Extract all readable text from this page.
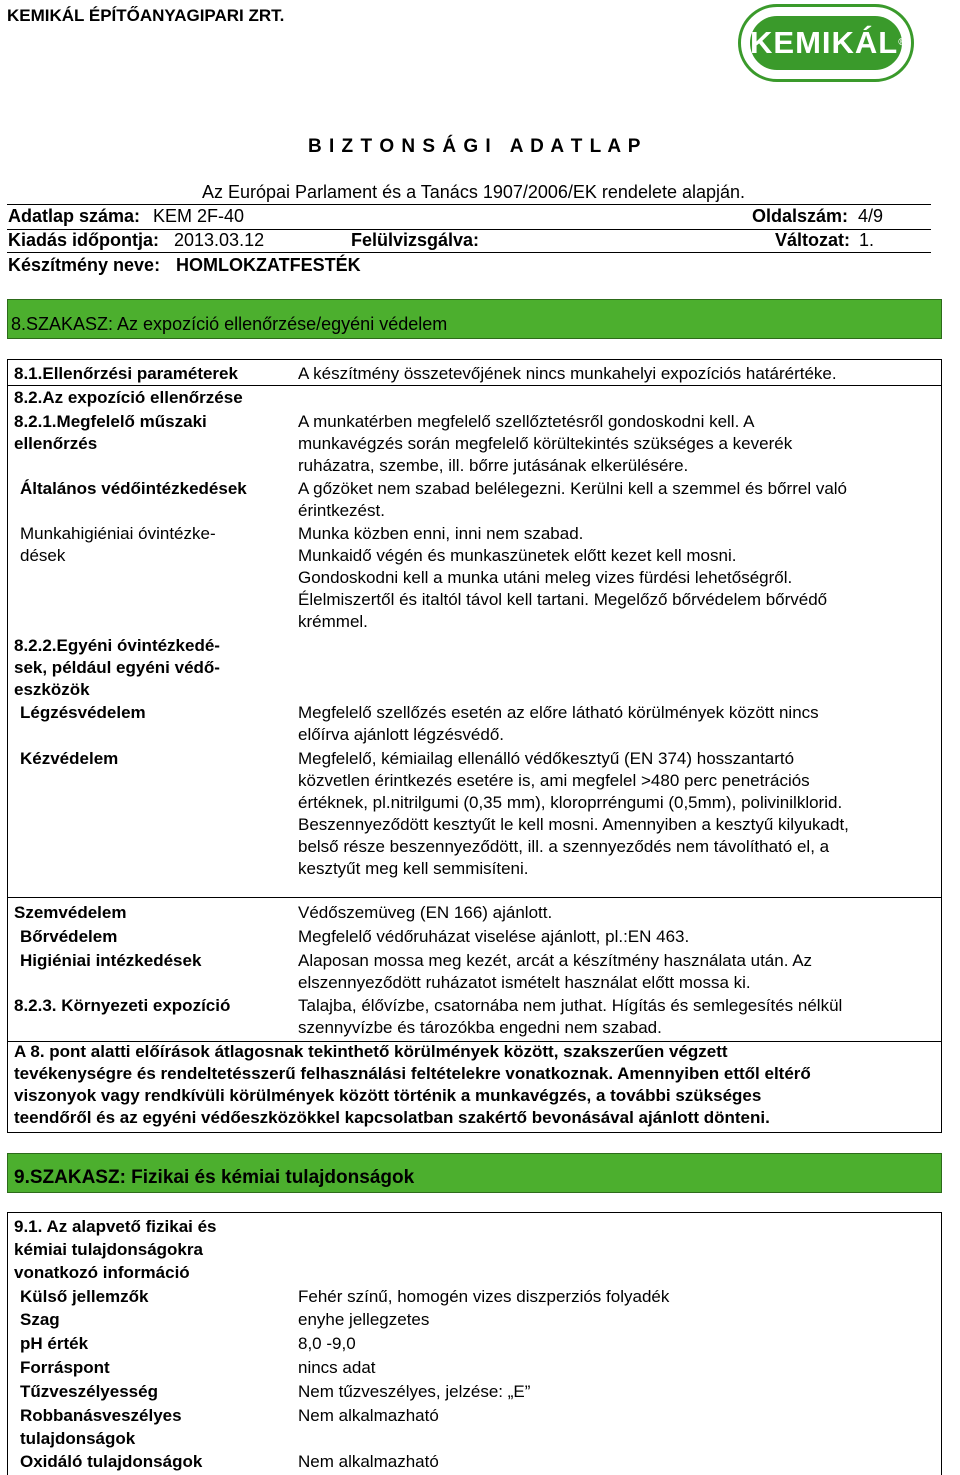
KEMIKÁL ÉPÍTŐANYAGIPARI ZRT.
KEMIKÁL®
B I Z T O N S Á G I   A D A T L A P
Az Európai Parlament és a Tanács 1907/2006/EK rendelete alapján.
Adatlap száma: KEM 2F-40	Oldalszám: 4/9
Kiadás időpontja: 2013.03.12	Felülvizsgálva:	Változat: 1.
Készítmény neve: HOMLOKZATFESTÉK
8.SZAKASZ: Az expozíció ellenőrzése/egyéni védelem
8.1.Ellenőrzési paraméterek	A készítmény összetevőjének nincs munkahelyi expozíciós határértéke.
8.2.Az expozíció ellenőrzése
8.2.1.Megfelelő műszaki
ellenőrzés
A munkatérben megfelelő szellőztetésről gondoskodni kell. A
munkavégzés során megfelelő körültekintés szükséges a keverék
ruházatra, szembe, ill. bőrre jutásának elkerülésére.
Általános védőintézkedések	A gőzöket nem szabad belélegezni. Kerülni kell a szemmel és bőrrel való
érintkezést.
Munkahigiéniai óvintézke-
dések
Munka közben enni, inni nem szabad.
Munkaidő végén és munkaszünetek előtt kezet kell mosni.
Gondoskodni kell a munka utáni meleg vizes fürdési lehetőségről.
Élelmiszertől és italtól távol kell tartani. Megelőző bőrvédelem bőrvédő
krémmel.
8.2.2.Egyéni óvintézkedé-
sek, például egyéni védő-
eszközök
Légzésvédelem	Megfelelő szellőzés esetén az előre látható körülmények között nincs
előírva ajánlott légzésvédő.
Kézvédelem	Megfelelő, kémiailag ellenálló védőkesztyű (EN 374) hosszantartó
közvetlen érintkezés esetére is, ami megfelel >480 perc penetrációs
értéknek, pl.nitrilgumi (0,35 mm), kloroprréngumi (0,5mm), polivinilklorid.
Beszennyeződött kesztyűt le kell mosni. Amennyiben a kesztyű kilyukadt,
belső része beszennyeződött, ill. a szennyeződés nem távolítható el, a
kesztyűt meg kell semmisíteni.
Szemvédelem	Védőszemüveg (EN 166) ajánlott.
Bőrvédelem	Megfelelő védőruházat viselése ajánlott, pl.:EN 463.
Higiéniai intézkedések	Alaposan mossa meg kezét, arcát a készítmény használata után. Az
elszennyeződött ruházatot ismételt használat előtt mossa ki.
8.2.3. Környezeti expozíció	Talajba, élővízbe, csatornába nem juthat. Hígítás és semlegesítés nélkül
szennyvízbe és tározókba engedni nem szabad.
A 8. pont alatti előírások átlagosnak tekinthető körülmények között, szakszerűen végzett
tevékenységre és rendeltetésszerű felhasználási feltételekre vonatkoznak. Amennyiben ettől eltérő
viszonyok vagy rendkívüli körülmények között történik a munkavégzés, a további szükséges
teendőről és az egyéni védőeszközökkel kapcsolatban szakértő bevonásával ajánlott dönteni.
9.SZAKASZ: Fizikai és kémiai tulajdonságok
9.1. Az alapvető fizikai és
kémiai tulajdonságokra
vonatkozó információ
Külső jellemzők	Fehér színű, homogén vizes diszperziós folyadék
Szag	enyhe jellegzetes
pH érték	8,0 -9,0
Forráspont	nincs adat
Tűzveszélyesség	Nem tűzveszélyes, jelzése: „E”
Robbanásveszélyes	Nem alkalmazható
tulajdonságok
Oxidáló tulajdonságok	Nem alkalmazható
